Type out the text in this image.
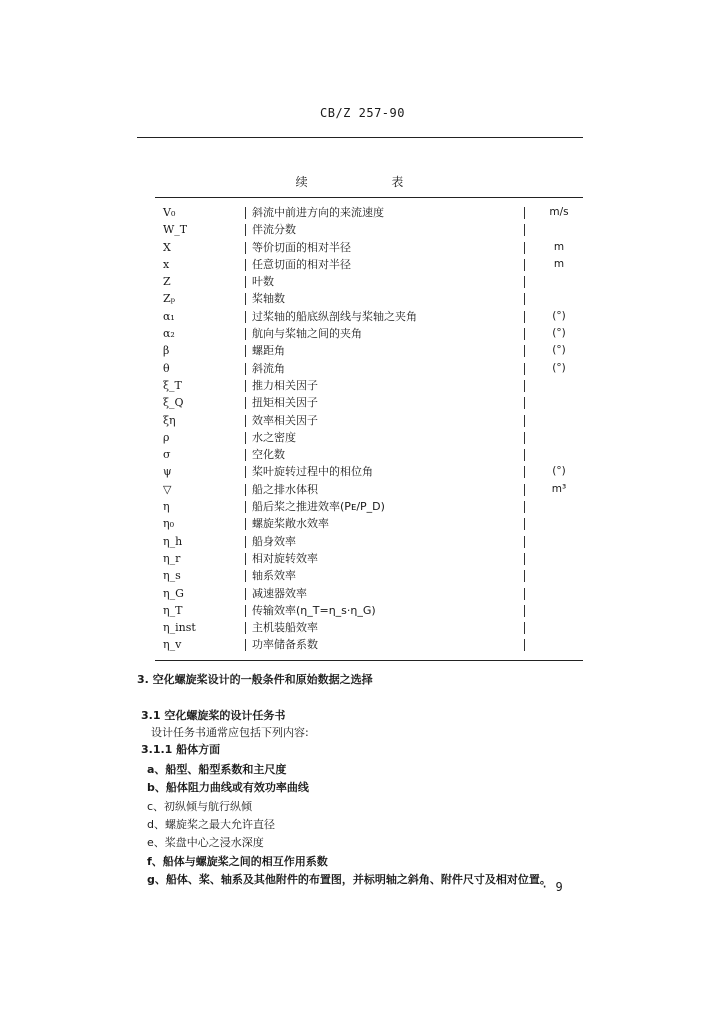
CB/Z 257-90
续 表
V₀	斜流中前进方向的来流速度	m/s
W_T	伴流分数
X	等价切面的相对半径	m
x	任意切面的相对半径	m
Z	叶数
Zₚ	桨轴数
α₁	过桨轴的船底纵剖线与桨轴之夹角	(°)
α₂	航向与桨轴之间的夹角	(°)
β	螺距角	(°)
θ	斜流角	(°)
ξ_T	推力相关因子
ξ_Q	扭矩相关因子
ξη	效率相关因子
ρ	水之密度
σ	空化数
ψ	桨叶旋转过程中的相位角	(°)
▽	船之排水体积	m³
η	船后桨之推进效率(Pᴇ/P_D)
η₀	螺旋桨敞水效率
η_h	船身效率
η_r	相对旋转效率
η_s	轴系效率
η_G	减速器效率
η_T	传输效率(η_T=η_s·η_G)
η_inst	主机装船效率
η_v	功率储备系数
3. 空化螺旋桨设计的一般条件和原始数据之选择
3.1 空化螺旋桨的设计任务书
设计任务书通常应包括下列内容:
3.1.1 船体方面
a、船型、船型系数和主尺度
b、船体阻力曲线或有效功率曲线
c、初纵倾与航行纵倾
d、螺旋桨之最大允许直径
e、桨盘中心之浸水深度
f、船体与螺旋桨之间的相互作用系数
g、船体、桨、轴系及其他附件的布置图，并标明轴之斜角、附件尺寸及相对位置。
· 9
